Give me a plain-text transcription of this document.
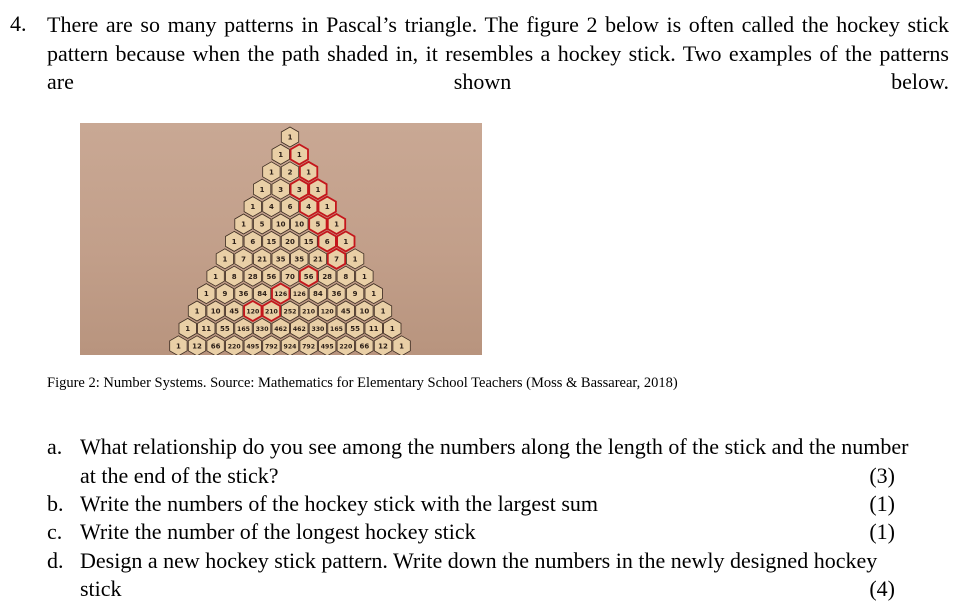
4. There are so many patterns in Pascal’s triangle. The figure 2 below is often called the hockey stick pattern because when the path shaded in, it resembles a hockey stick. Two examples of the patterns are shown below.
1
1 1
1 2 1
1 3 3 1
1 4 6 4 1
1 5 10 10 5 1
1 6 15 20 15 6 1
1 7 21 35 35 21 7 1
1 8 28 56 70 56 28 8 1
1 9 36 84 126 126 84 36 9 1
1 10 45 120 210 252 210 120 45 10 1
1 11 55 165 330 462 462 330 165 55 11 1
1 12 66 220 495 792 924 792 495 220 66 12 1
Figure 2: Number Systems. Source: Mathematics for Elementary School Teachers (Moss & Bassarear, 2018)
a. What relationship do you see among the numbers along the length of the stick and the number
at the end of the stick?	(3)
b. Write the numbers of the hockey stick with the largest sum	(1)
c. Write the number of the longest hockey stick	(1)
d. Design a new hockey stick pattern. Write down the numbers in the newly designed hockey
stick	(4)
